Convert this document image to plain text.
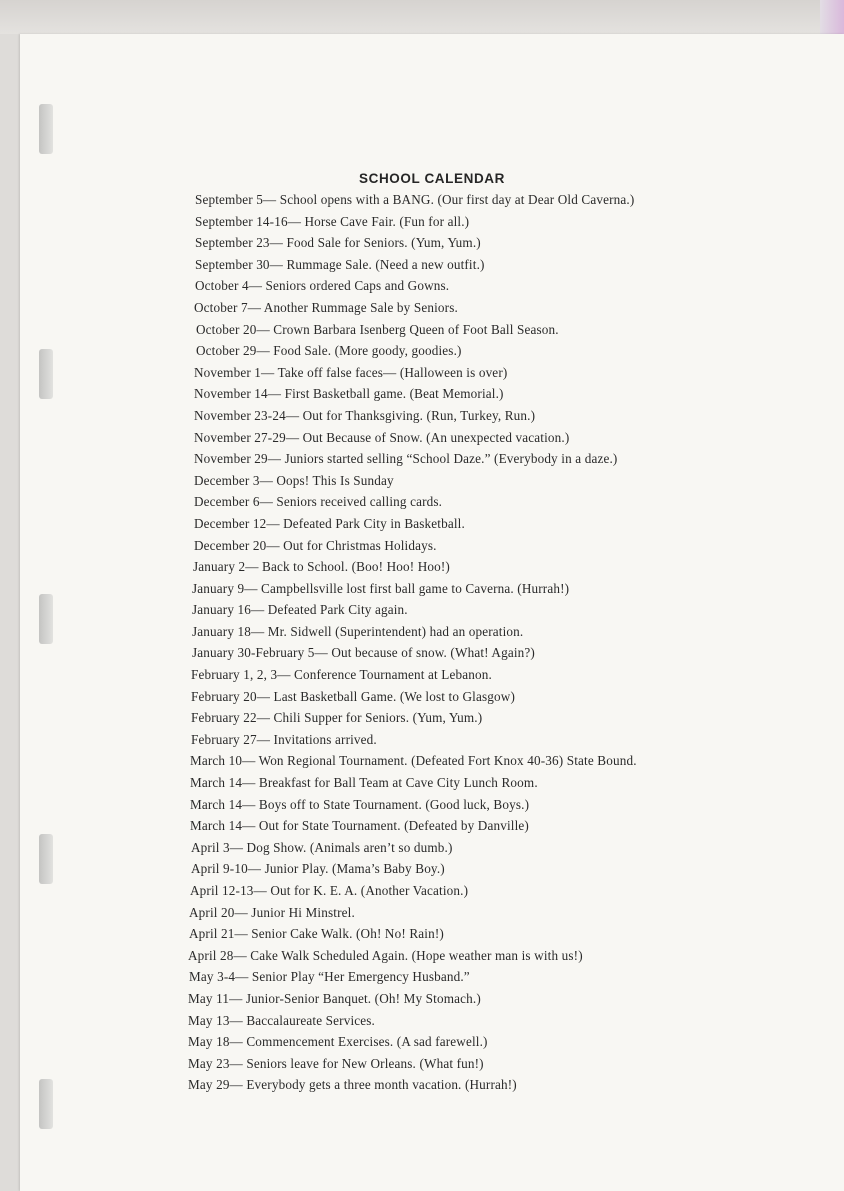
SCHOOL CALENDAR
September 5— School opens with a BANG. (Our first day at Dear Old Caverna.)
September 14-16— Horse Cave Fair. (Fun for all.)
September 23— Food Sale for Seniors. (Yum, Yum.)
September 30— Rummage Sale. (Need a new outfit.)
October 4— Seniors ordered Caps and Gowns.
October 7— Another Rummage Sale by Seniors.
October 20— Crown Barbara Isenberg Queen of Foot Ball Season.
October 29— Food Sale. (More goody, goodies.)
November 1— Take off false faces— (Halloween is over)
November 14— First Basketball game. (Beat Memorial.)
November 23-24— Out for Thanksgiving. (Run, Turkey, Run.)
November 27-29— Out Because of Snow. (An unexpected vacation.)
November 29— Juniors started selling “School Daze.” (Everybody in a daze.)
December 3— Oops! This Is Sunday
December 6— Seniors received calling cards.
December 12— Defeated Park City in Basketball.
December 20— Out for Christmas Holidays.
January 2— Back to School. (Boo! Hoo! Hoo!)
January 9— Campbellsville lost first ball game to Caverna. (Hurrah!)
January 16— Defeated Park City again.
January 18— Mr. Sidwell (Superintendent) had an operation.
January 30-February 5— Out because of snow. (What! Again?)
February 1, 2, 3— Conference Tournament at Lebanon.
February 20— Last Basketball Game. (We lost to Glasgow)
February 22— Chili Supper for Seniors. (Yum, Yum.)
February 27— Invitations arrived.
March 10— Won Regional Tournament. (Defeated Fort Knox 40-36) State Bound.
March 14— Breakfast for Ball Team at Cave City Lunch Room.
March 14— Boys off to State Tournament. (Good luck, Boys.)
March 14— Out for State Tournament. (Defeated by Danville)
April 3— Dog Show. (Animals aren’t so dumb.)
April 9-10— Junior Play. (Mama’s Baby Boy.)
April 12-13— Out for K. E. A. (Another Vacation.)
April 20— Junior Hi Minstrel.
April 21— Senior Cake Walk. (Oh! No! Rain!)
April 28— Cake Walk Scheduled Again. (Hope weather man is with us!)
May 3-4— Senior Play “Her Emergency Husband.”
May 11— Junior-Senior Banquet. (Oh! My Stomach.)
May 13— Baccalaureate Services.
May 18— Commencement Exercises. (A sad farewell.)
May 23— Seniors leave for New Orleans. (What fun!)
May 29— Everybody gets a three month vacation. (Hurrah!)
